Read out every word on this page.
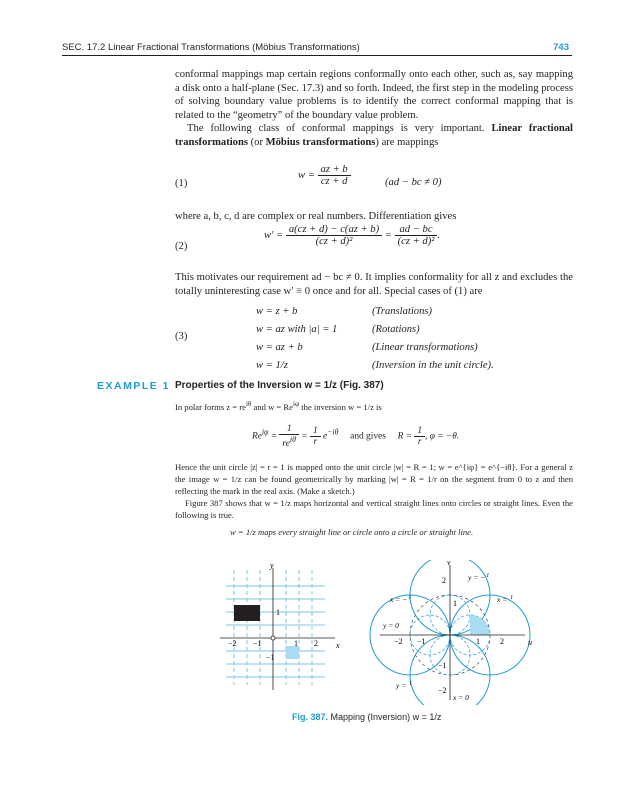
SEC. 17.2 Linear Fractional Transformations (Möbius Transformations)	743
conformal mappings map certain regions conformally onto each other, such as, say mapping a disk onto a half-plane (Sec. 17.3) and so forth. Indeed, the first step in the modeling process of solving boundary value problems is to identify the correct conformal mapping that is related to the “geometry” of the boundary value problem.
The following class of conformal mappings is very important. Linear fractional transformations (or Möbius transformations) are mappings
(1)
$w = \frac{az + b}{cz + d}$	(ad − bc ≠ 0)
where a, b, c, d are complex or real numbers. Differentiation gives
(2)
$w' = \frac{a(cz + d) - c(az + b)}{\text{(cz + d)²}} = \frac{ad - bc}{\text{(cz + d)²}}$ .
This motivates our requirement ad − bc ≠ 0. It implies conformality for all z and excludes the totally uninteresting case w′ ≡ 0 once and for all. Special cases of (1) are
(3)
w = z + b	(Translations)
w = az with |a| = 1	(Rotations)
w = az + b	(Linear transformations)
w = 1/z	(Inversion in the unit circle).
EXAMPLE 1 Properties of the Inversion w = 1/z (Fig. 387)
In polar forms $z = re^{i\theta}$ and $w = Re^{i\varphi}$ the inversion w = 1/z is
$Re^{i\varphi} = \frac{1}{re^{i\theta}} = \frac{1}{r} e^{-i\theta}$ and gives $R = \frac{1}{r}$ , φ = −θ.
Hence the unit circle |z| = r = 1 is mapped onto the unit circle |w| = R = 1; w = e^{iφ} = e^{−iθ}. For a general z the image w = 1/z can be found geometrically by marking |w| = R = 1/r on the segment from 0 to z and then reflecting the mark in the real axis. (Make a sketch.)
Figure 387 shows that w = 1/z maps horizontal and vertical straight lines onto circles or straight lines. Even the following is true.
w = 1/z maps every straight line or circle onto a circle or straight line.
y
x
−2 −1	1 2
1
−1
v
u
−2 −1	1	2
2
1
−1
−2
y = −$^1$
x = −$^1$	x = $^1$
y = 0
y = $^1$
x = 0
Fig. 387. Mapping (Inversion) w = 1/z
